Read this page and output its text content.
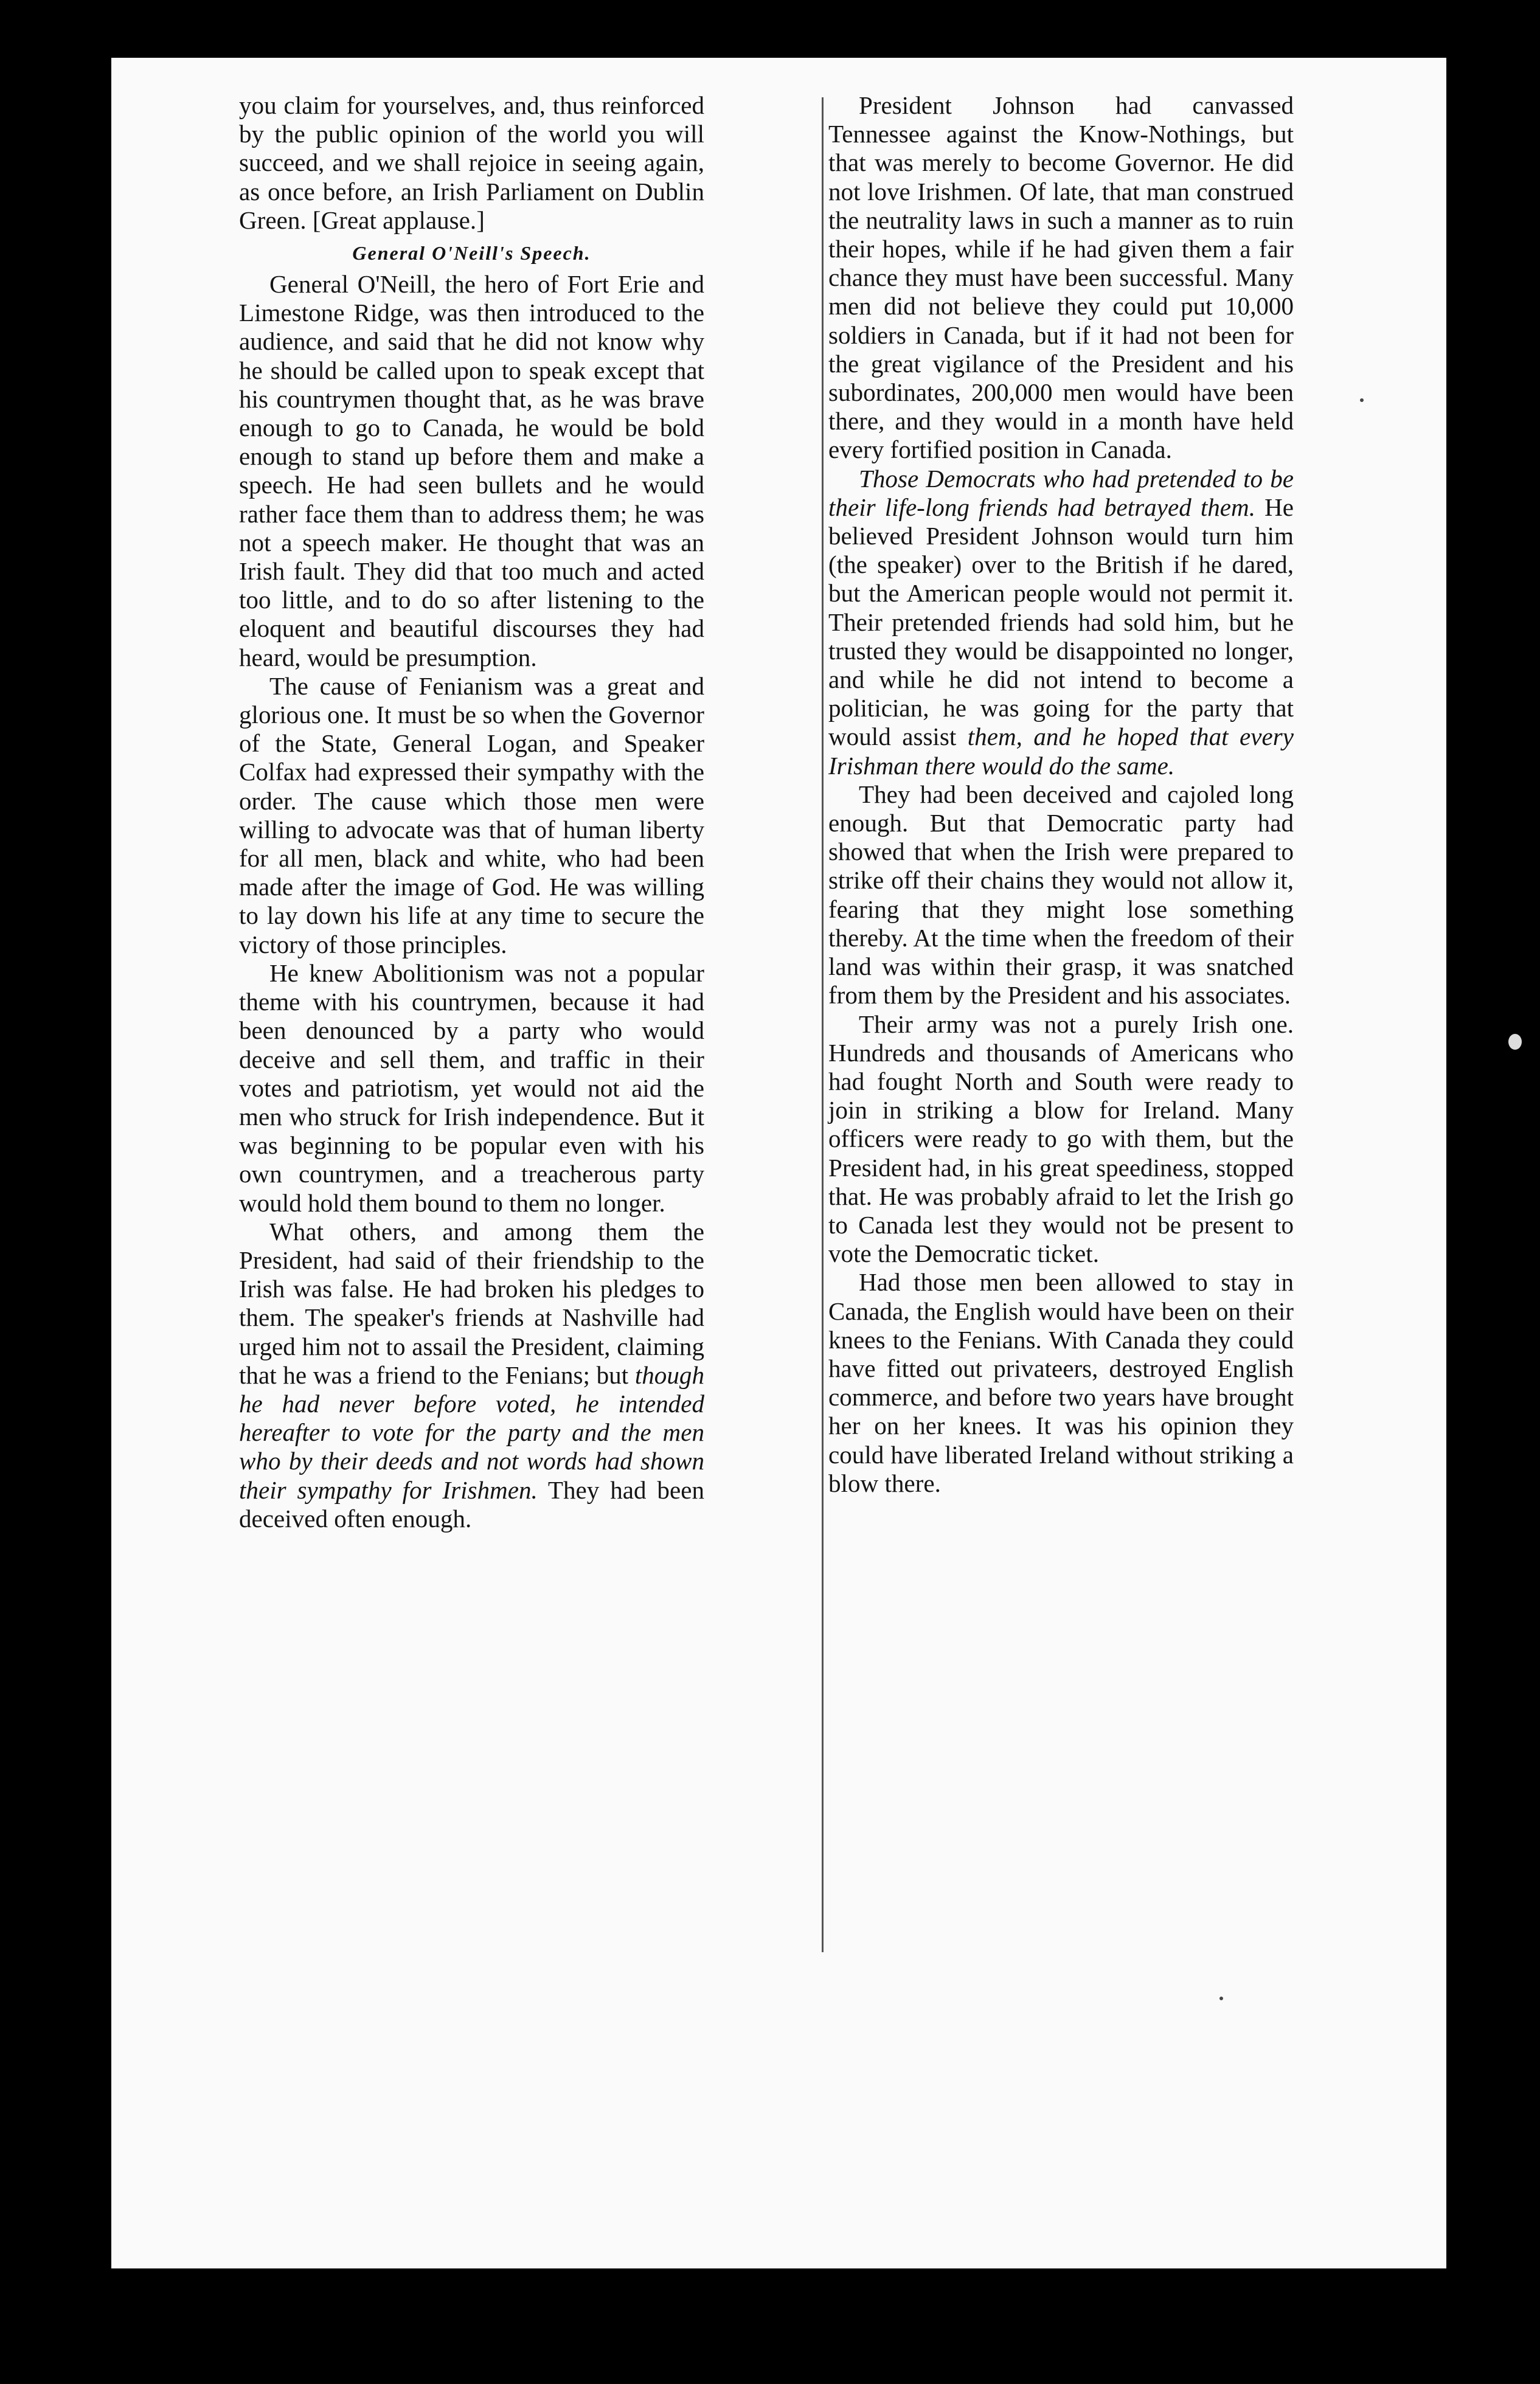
you claim for yourselves, and, thus reinforced by the public opinion of the world you will succeed, and we shall rejoice in seeing again, as once before, an Irish Parliament on Dublin Green. [Great applause.]

General O'Neill's Speech.

General O'Neill, the hero of Fort Erie and Limestone Ridge, was then introduced to the audience, and said that he did not know why he should be called upon to speak except that his countrymen thought that, as he was brave enough to go to Canada, he would be bold enough to stand up before them and make a speech. He had seen bullets and he would rather face them than to address them; he was not a speech maker. He thought that was an Irish fault. They did that too much and acted too little, and to do so after listening to the eloquent and beautiful discourses they had heard, would be presumption.

The cause of Fenianism was a great and glorious one. It must be so when the Governor of the State, General Logan, and Speaker Colfax had expressed their sympathy with the order. The cause which those men were willing to advocate was that of human liberty for all men, black and white, who had been made after the image of God. He was willing to lay down his life at any time to secure the victory of those principles.

He knew Abolitionism was not a popular theme with his countrymen, because it had been denounced by a party who would deceive and sell them, and traffic in their votes and patriotism, yet would not aid the men who struck for Irish independence. But it was beginning to be popular even with his own countrymen, and a treacherous party would hold them bound to them no longer.

What others, and among them the President, had said of their friendship to the Irish was false. He had broken his pledges to them. The speaker's friends at Nashville had urged him not to assail the President, claiming that he was a friend to the Fenians; but though he had never before voted, he intended hereafter to vote for the party and the men who by their deeds and not words had shown their sympathy for Irishmen. They had been deceived often enough.

President Johnson had canvassed Tennessee against the Know-Nothings, but that was merely to become Governor. He did not love Irishmen. Of late, that man construed the neutrality laws in such a manner as to ruin their hopes, while if he had given them a fair chance they must have been successful. Many men did not believe they could put 10,000 soldiers in Canada, but if it had not been for the great vigilance of the President and his subordinates, 200,000 men would have been there, and they would in a month have held every fortified position in Canada.

Those Democrats who had pretended to be their life-long friends had betrayed them. He believed President Johnson would turn him (the speaker) over to the British if he dared, but the American people would not permit it. Their pretended friends had sold him, but he trusted they would be disappointed no longer, and while he did not intend to become a politician, he was going for the party that would assist them, and he hoped that every Irishman there would do the same.

They had been deceived and cajoled long enough. But that Democratic party had showed that when the Irish were prepared to strike off their chains they would not allow it, fearing that they might lose something thereby. At the time when the freedom of their land was within their grasp, it was snatched from them by the President and his associates.

Their army was not a purely Irish one. Hundreds and thousands of Americans who had fought North and South were ready to join in striking a blow for Ireland. Many officers were ready to go with them, but the President had, in his great speediness, stopped that. He was probably afraid to let the Irish go to Canada lest they would not be present to vote the Democratic ticket.

Had those men been allowed to stay in Canada, the English would have been on their knees to the Fenians. With Canada they could have fitted out privateers, destroyed English commerce, and before two years have brought her on her knees. It was his opinion they could have liberated Ireland without striking a blow there.
